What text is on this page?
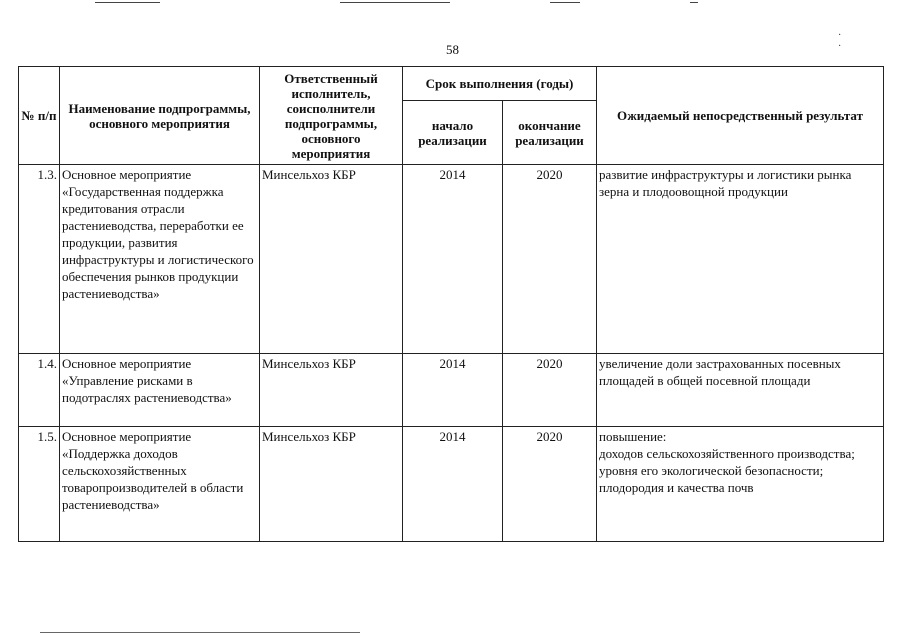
· ·
58
№ п/п	Наименование подпрограммы, основного мероприятия	Ответственный исполнитель, соисполнители подпрограммы, основного мероприятия	Срок выполнения (годы)		Ожидаемый непосредственный результат
			начало реализации	окончание реализации	
1.3.	Основное мероприятие «Государственная поддержка кредитования отрасли растениеводства, переработки ее продукции, развития инфраструктуры и логистического обеспечения рынков продукции растениеводства»	Минсельхоз КБР	2014	2020	развитие инфраструктуры и логистики рынка зерна и плодоовощной продукции

1.4.	Основное мероприятие «Управление рисками в подотраслях растениеводства»	Минсельхоз КБР	2014	2020	увеличение доли застрахованных посевных площадей в общей посевной площади

1.5.	Основное мероприятие «Поддержка доходов сельскохозяйственных товаропроизводителей в области растениеводства»	Минсельхоз КБР	2014	2020	повышение:
доходов сельскохозяйственного производства;
уровня его экологической безопасности;
плодородия и качества почв
